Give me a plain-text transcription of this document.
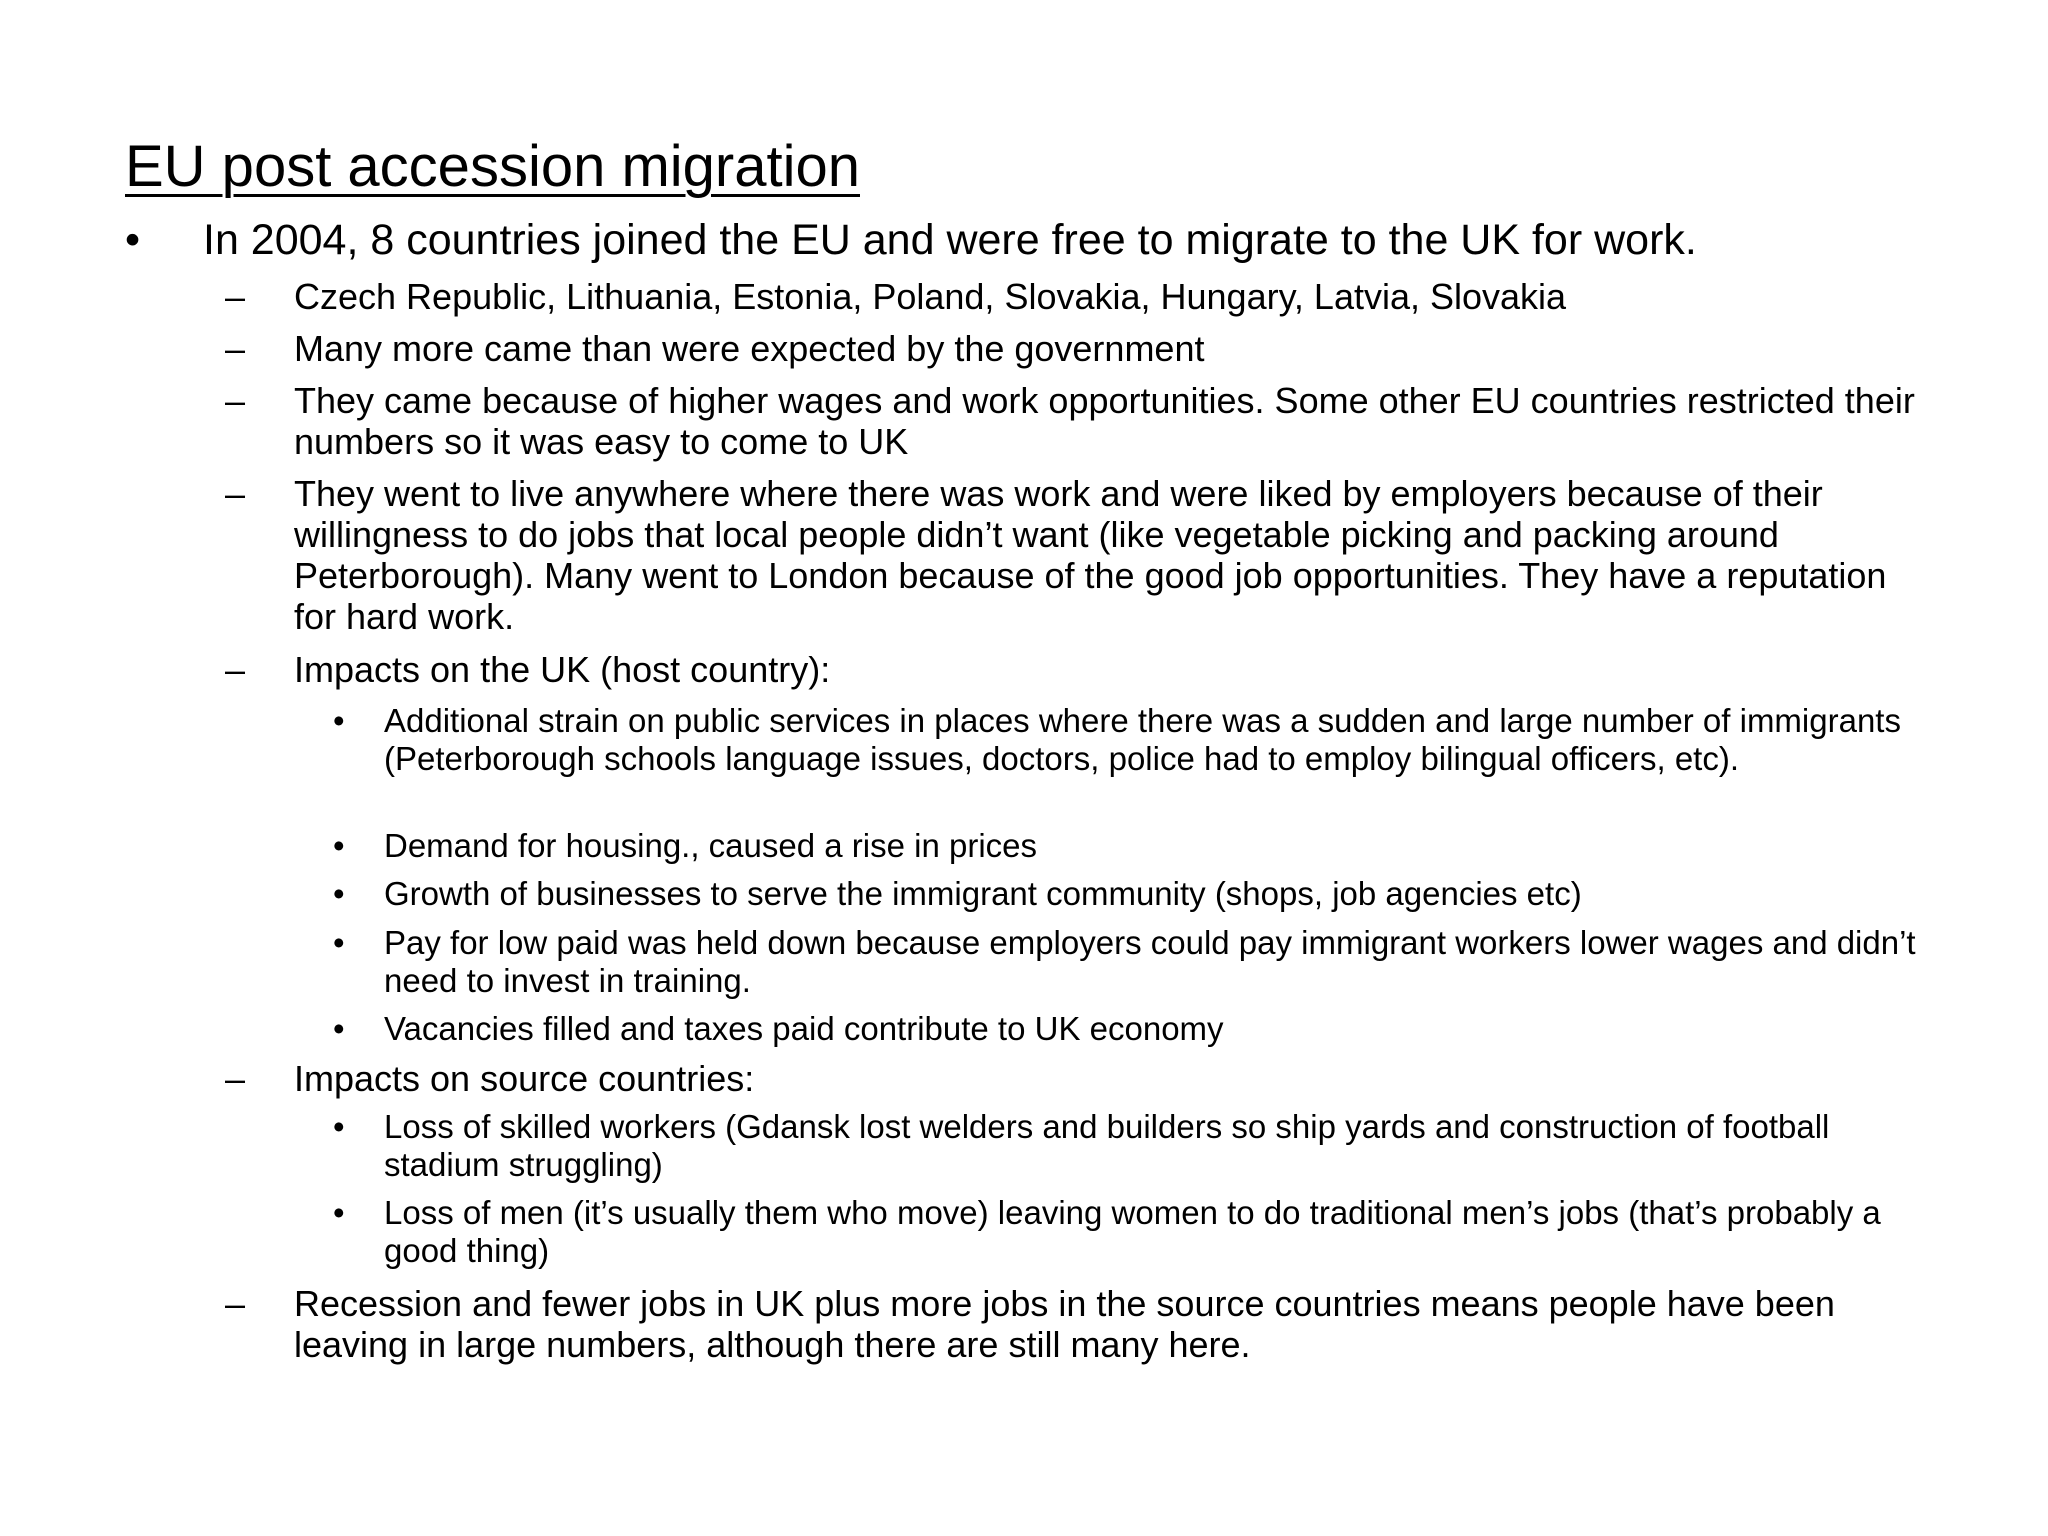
EU post accession migration
• In 2004, 8 countries joined the EU and were free to migrate to the UK for work.
– Czech Republic, Lithuania, Estonia, Poland, Slovakia, Hungary, Latvia, Slovakia
– Many more came than were expected by the government
– They came because of higher wages and work opportunities. Some other EU countries restricted their numbers so it was easy to come to UK
– They went to live anywhere where there was work and were liked by employers because of their willingness to do jobs that local people didn’t want (like vegetable picking and packing around Peterborough). Many went to London because of the good job opportunities. They have a reputation for hard work.
– Impacts on the UK (host country):
• Additional strain on public services in places where there was a sudden and large number of immigrants (Peterborough schools language issues, doctors, police had to employ bilingual officers, etc).
• Demand for housing., caused a rise in prices
• Growth of businesses to serve the immigrant community (shops, job agencies etc)
• Pay for low paid was held down because employers could pay immigrant workers lower wages and didn’t need to invest in training.
• Vacancies filled and taxes paid contribute to UK economy
– Impacts on source countries:
• Loss of skilled workers (Gdansk lost welders and builders so ship yards and construction of football stadium struggling)
• Loss of men (it’s usually them who move) leaving women to do traditional men’s jobs (that’s probably a good thing)
– Recession and fewer jobs in UK plus more jobs in the source countries means people have been leaving in large numbers, although there are still many here.
